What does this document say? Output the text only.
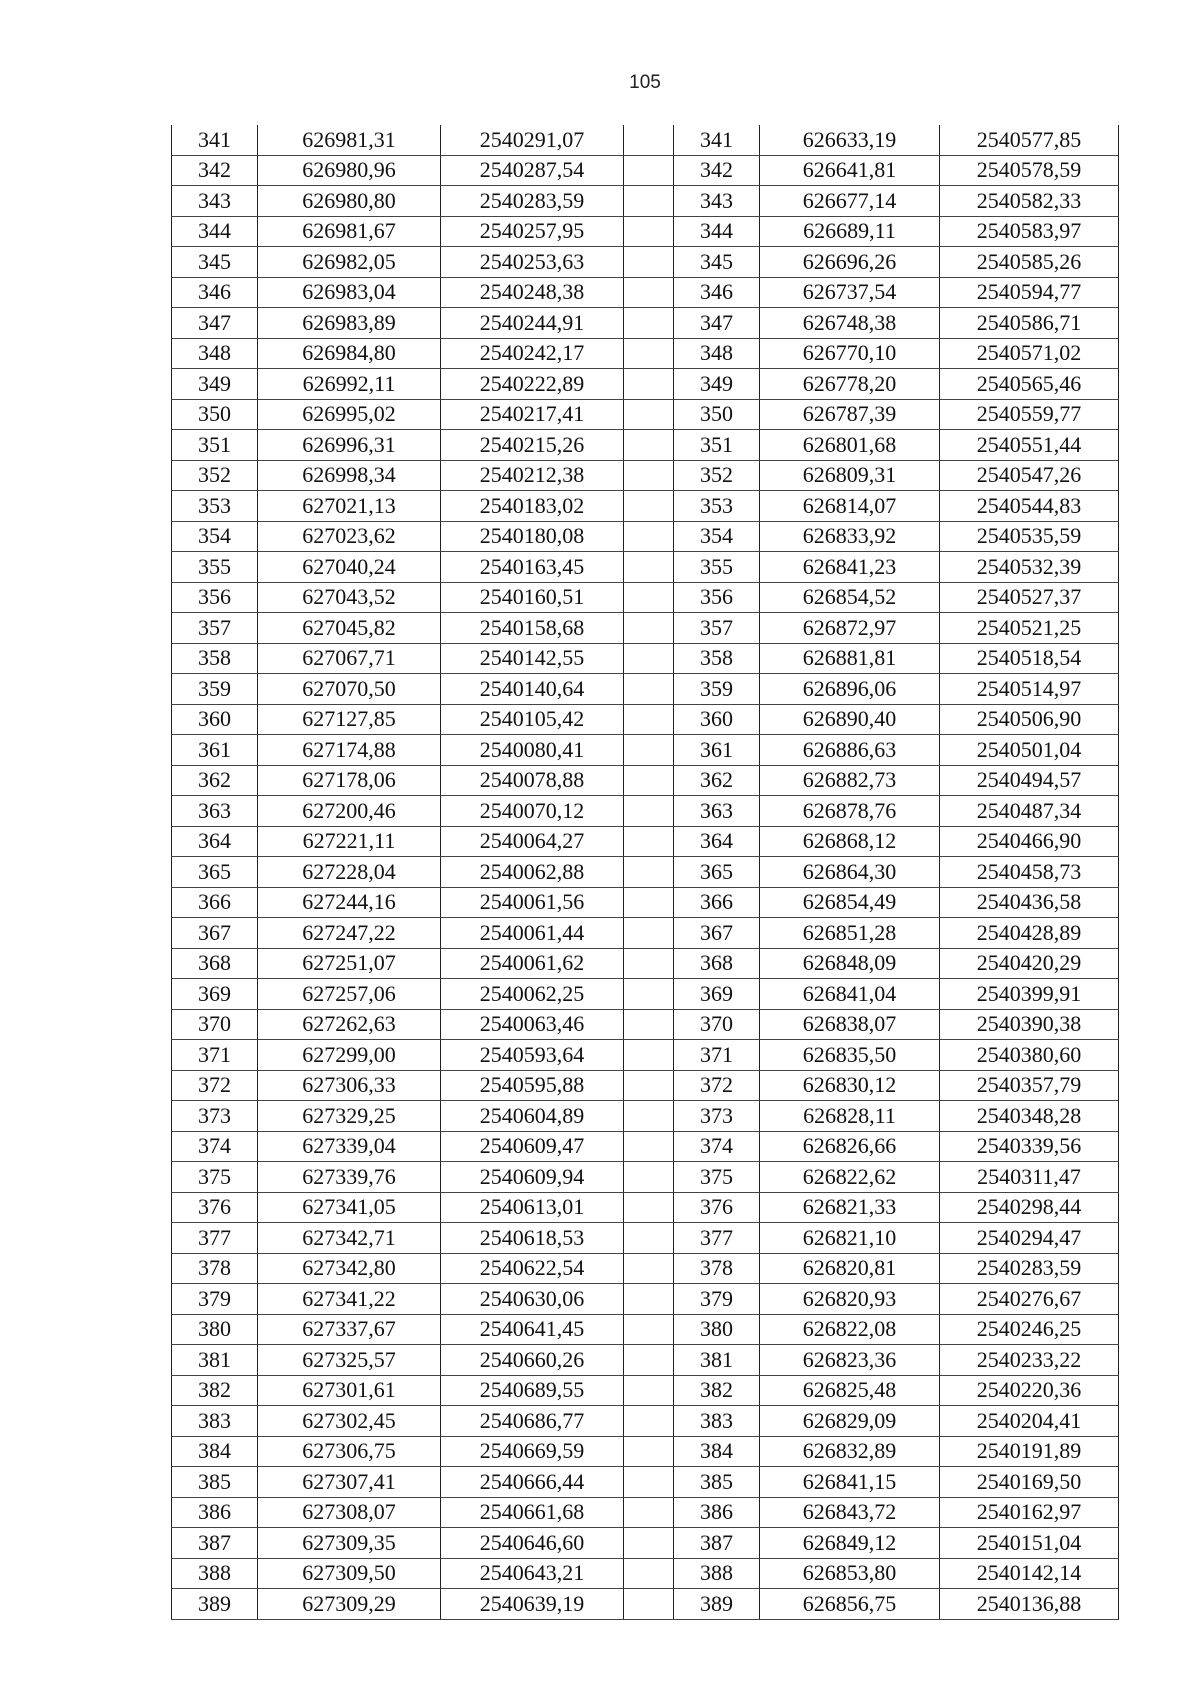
105
341	626981,31	2540291,07		341	626633,19	2540577,85
342	626980,96	2540287,54		342	626641,81	2540578,59
343	626980,80	2540283,59		343	626677,14	2540582,33
344	626981,67	2540257,95		344	626689,11	2540583,97
345	626982,05	2540253,63		345	626696,26	2540585,26
346	626983,04	2540248,38		346	626737,54	2540594,77
347	626983,89	2540244,91		347	626748,38	2540586,71
348	626984,80	2540242,17		348	626770,10	2540571,02
349	626992,11	2540222,89		349	626778,20	2540565,46
350	626995,02	2540217,41		350	626787,39	2540559,77
351	626996,31	2540215,26		351	626801,68	2540551,44
352	626998,34	2540212,38		352	626809,31	2540547,26
353	627021,13	2540183,02		353	626814,07	2540544,83
354	627023,62	2540180,08		354	626833,92	2540535,59
355	627040,24	2540163,45		355	626841,23	2540532,39
356	627043,52	2540160,51		356	626854,52	2540527,37
357	627045,82	2540158,68		357	626872,97	2540521,25
358	627067,71	2540142,55		358	626881,81	2540518,54
359	627070,50	2540140,64		359	626896,06	2540514,97
360	627127,85	2540105,42		360	626890,40	2540506,90
361	627174,88	2540080,41		361	626886,63	2540501,04
362	627178,06	2540078,88		362	626882,73	2540494,57
363	627200,46	2540070,12		363	626878,76	2540487,34
364	627221,11	2540064,27		364	626868,12	2540466,90
365	627228,04	2540062,88		365	626864,30	2540458,73
366	627244,16	2540061,56		366	626854,49	2540436,58
367	627247,22	2540061,44		367	626851,28	2540428,89
368	627251,07	2540061,62		368	626848,09	2540420,29
369	627257,06	2540062,25		369	626841,04	2540399,91
370	627262,63	2540063,46		370	626838,07	2540390,38
371	627299,00	2540593,64		371	626835,50	2540380,60
372	627306,33	2540595,88		372	626830,12	2540357,79
373	627329,25	2540604,89		373	626828,11	2540348,28
374	627339,04	2540609,47		374	626826,66	2540339,56
375	627339,76	2540609,94		375	626822,62	2540311,47
376	627341,05	2540613,01		376	626821,33	2540298,44
377	627342,71	2540618,53		377	626821,10	2540294,47
378	627342,80	2540622,54		378	626820,81	2540283,59
379	627341,22	2540630,06		379	626820,93	2540276,67
380	627337,67	2540641,45		380	626822,08	2540246,25
381	627325,57	2540660,26		381	626823,36	2540233,22
382	627301,61	2540689,55		382	626825,48	2540220,36
383	627302,45	2540686,77		383	626829,09	2540204,41
384	627306,75	2540669,59		384	626832,89	2540191,89
385	627307,41	2540666,44		385	626841,15	2540169,50
386	627308,07	2540661,68		386	626843,72	2540162,97
387	627309,35	2540646,60		387	626849,12	2540151,04
388	627309,50	2540643,21		388	626853,80	2540142,14
389	627309,29	2540639,19		389	626856,75	2540136,88
